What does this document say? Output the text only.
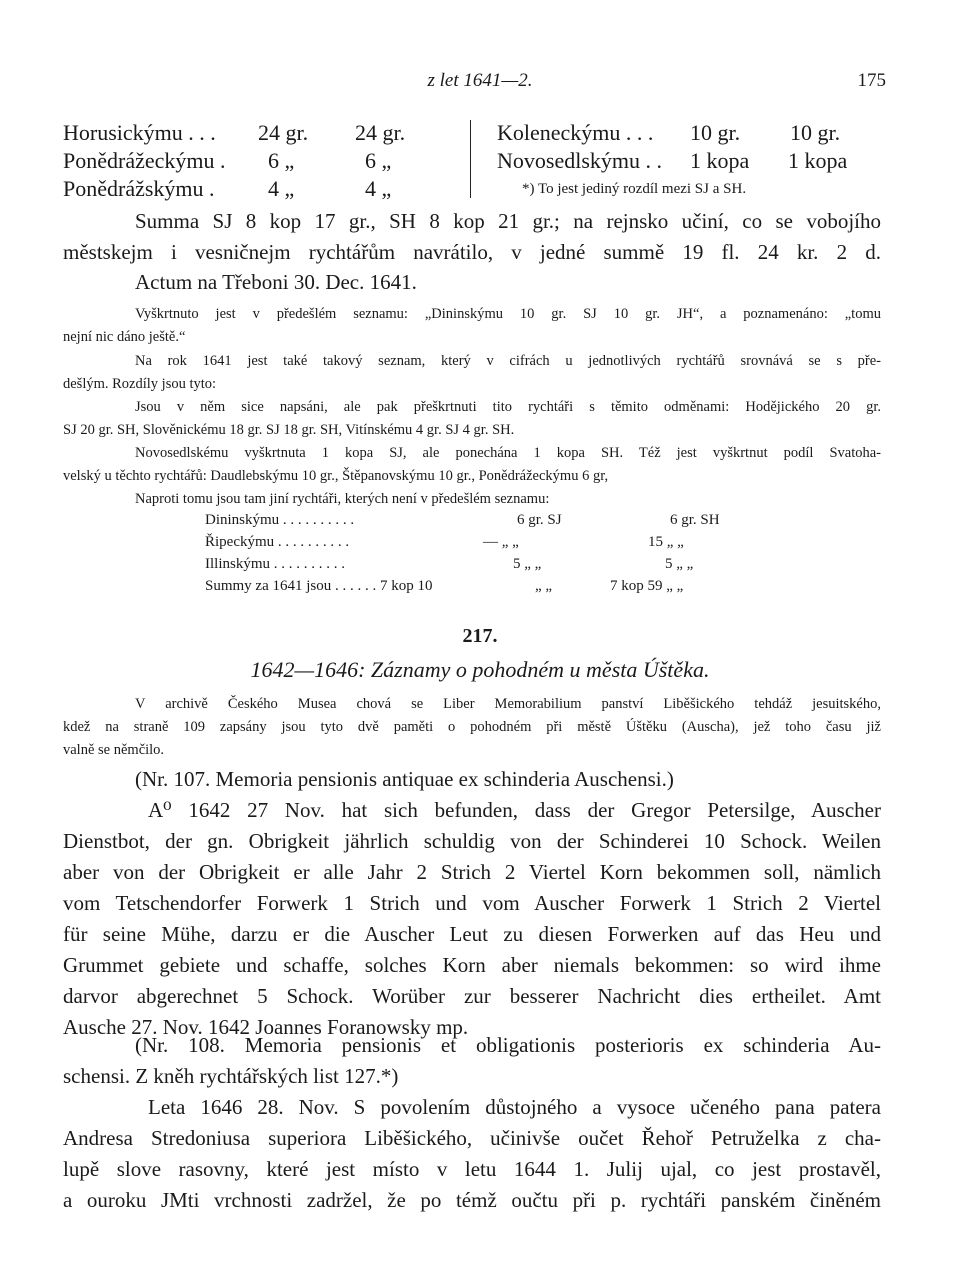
z let 1641—2.	175
Horusickýmu . . . 24 gr. 24 gr.	Koleneckýmu . . . 10 gr. 10 gr.
Ponědrážeckýmu . 6 „	6 „	Novosedlskýmu . . 1 kopa 1 kopa
Ponědrážskýmu . 4 „	4 „	*) To jest jediný rozdíl mezi SJ a SH.
Summa SJ 8 kop 17 gr., SH 8 kop 21 gr.; na rejnsko učiní, co se vobojího
městskejm i vesničnejm rychtářům navrátilo, v jedné summě 19 fl. 24 kr. 2 d.
Actum na Třeboni 30. Dec. 1641.
Vyškrtnuto jest v předešlém seznamu: „Dininskýmu 10 gr. SJ 10 gr. JH“, a poznamenáno: „tomu
nejní nic dáno ještě.“
Na rok 1641 jest také takový seznam, který v cifrách u jednotlivých rychtářů srovnává se s pře-
dešlým. Rozdíly jsou tyto:
Jsou v něm sice napsáni, ale pak přeškrtnuti tito rychtáři s těmito odměnami: Hodějického 20 gr.
SJ 20 gr. SH, Slověnickému 18 gr. SJ 18 gr. SH, Vitínskému 4 gr. SJ 4 gr. SH.
Novosedlskému vyškrtnuta 1 kopa SJ, ale ponechána 1 kopa SH. Též jest vyškrtnut podíl Svatoha-
velský u těchto rychtářů: Daudlebskýmu 10 gr., Štěpanovskýmu 10 gr., Ponědrážeckýmu 6 gr,
Naproti tomu jsou tam jiní rychtáři, kterých není v předešlém seznamu:
Dininskýmu . . . . . . . . . .	6 gr. SJ	6 gr. SH
Řipeckýmu . . . . . . . . . .	— „ „	15 „ „
Illinskýmu . . . . . . . . . .	5 „ „	5 „ „
Summy za 1641 jsou . . . . . . 7 kop 10	„ „	7 kop 59 „ „
217.
1642—1646: Záznamy o pohodném u města Úštěka.
V archivě Českého Musea chová se Liber Memorabilium panství Liběšického tehdáž jesuitského,
kdež na straně 109 zapsány jsou tyto dvě paměti o pohodném při městě Úštěku (Auscha), jež toho času již
valně se němčilo.
(Nr. 107. Memoria pensionis antiquae ex schinderia Auschensi.)
A⁰ 1642 27 Nov. hat sich befunden, dass der Gregor Petersilge, Auscher
Dienstbot, der gn. Obrigkeit jährlich schuldig von der Schinderei 10 Schock. Weilen
aber von der Obrigkeit er alle Jahr 2 Strich 2 Viertel Korn bekommen soll, nämlich
vom Tetschendorfer Forwerk 1 Strich und vom Auscher Forwerk 1 Strich 2 Viertel
für seine Mühe, darzu er die Auscher Leut zu diesen Forwerken auf das Heu und
Grummet gebiete und schaffe, solches Korn aber niemals bekommen: so wird ihme
darvor abgerechnet 5 Schock. Worüber zur besserer Nachricht dies ertheilet. Amt
Ausche 27. Nov. 1642 Joannes Foranowsky mp.
(Nr. 108. Memoria pensionis et obligationis posterioris ex schinderia Au-
schensi. Z kněh rychtářských list 127.*)
Leta 1646 28. Nov. S povolením důstojného a vysoce učeného pana patera
Andresa Stredoniusa superiora Liběšického, učinivše oučet Řehoř Petruželka z cha-
lupě slove rasovny, které jest místo v letu 1644 1. Julij ujal, co jest prostavěl,
a ouroku JMti vrchnosti zadržel, že po témž oučtu při p. rychtáři panském činěném
